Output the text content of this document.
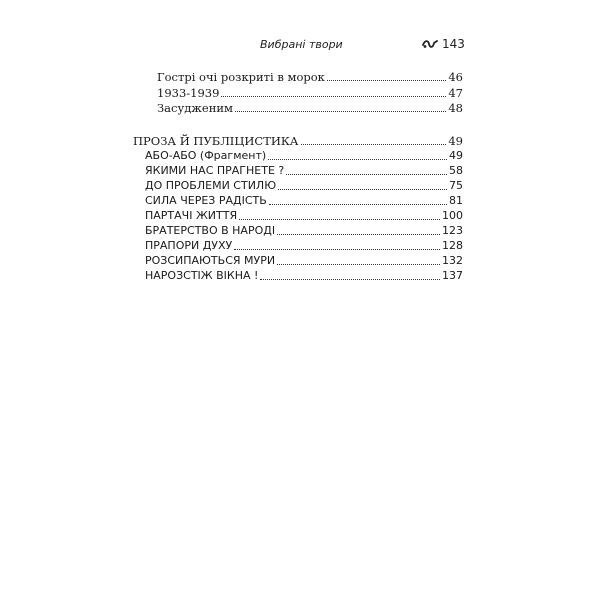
Вибрані твори	143
Гострі очі розкриті в морок	46
1933-1939	47
Засудженим	48
ПРОЗА Й ПУБЛІЦИСТИКА	49
АБО-АБО (Фрагмент)	49
ЯКИМИ НАС ПРАГНЕТЕ ?	58
ДО ПРОБЛЕМИ СТИЛЮ	75
СИЛА ЧЕРЕЗ РАДІСТЬ	81
ПАРТАЧІ ЖИТТЯ	100
БРАТЕРСТВО В НАРОДІ	123
ПРАПОРИ ДУХУ	128
РОЗСИПАЮТЬСЯ МУРИ	132
НАРОЗСТІЖ ВІКНА !	137
